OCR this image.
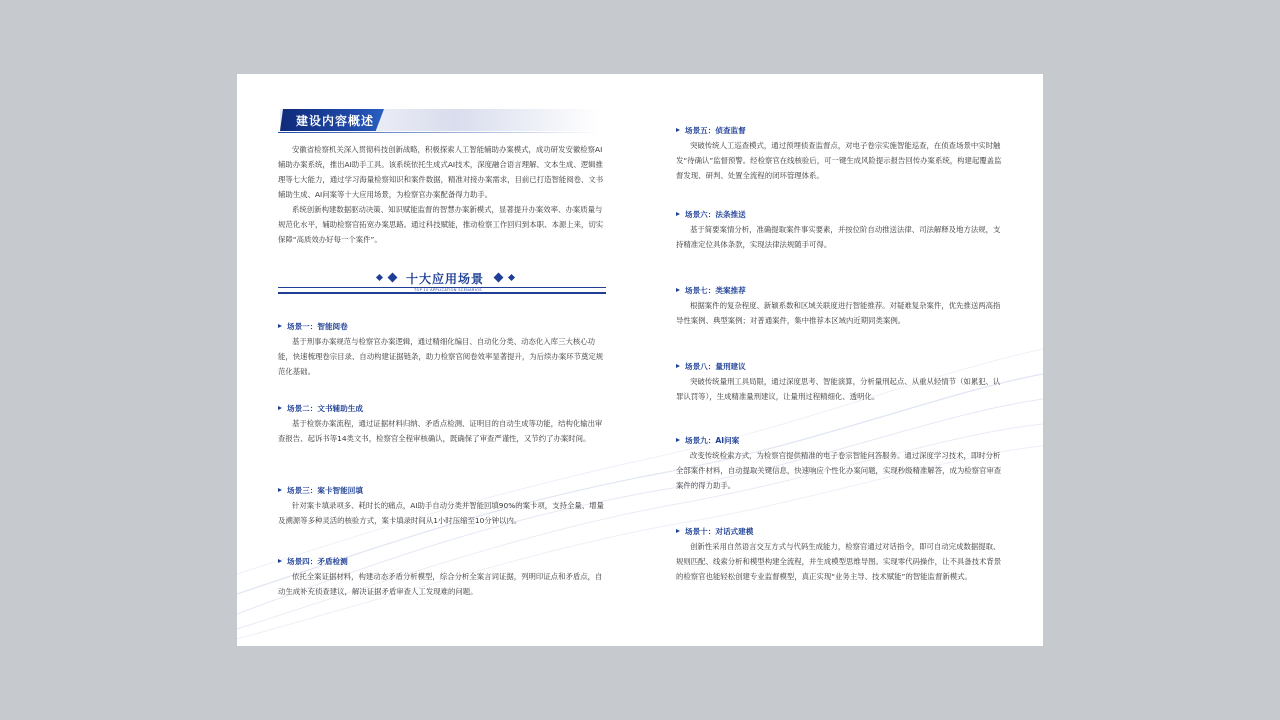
建设内容概述

安徽省检察机关深入贯彻科技创新战略，积极探索人工智能辅助办案模式，成功研发安徽检察AI辅助办案系统，推出AI助手工具。该系统依托生成式AI技术，深度融合语言理解、文本生成、逻辑推理等七大能力，通过学习海量检察知识和案件数据，精准对接办案需求，目前已打造智能阅卷、文书辅助生成、AI问案等十大应用场景，为检察官办案配备得力助手。

系统创新构建数据驱动决策、知识赋能监督的智慧办案新模式，显著提升办案效率、办案质量与规范化水平，辅助检察官拓宽办案思路。通过科技赋能，推动检察工作回归到本职、本源上来，切实保障“高质效办好每一个案件”。

十大应用场景
TOP 10 APPLICATION SCENARIOS
场景一：智能阅卷

基于刑事办案规范与检察官办案逻辑，通过精细化编目、自动化分类、动态化入库三大核心功能，快速梳理卷宗目录、自动构建证据链条，助力检察官阅卷效率显著提升，为后续办案环节奠定规范化基础。

场景二：文书辅助生成

基于检察办案流程，通过证据材料归纳、矛盾点检测、证明目的自动生成等功能，结构化输出审查报告、起诉书等14类文书，检察官全程审核确认，既确保了审查严谨性，又节约了办案时间。

场景三：案卡智能回填

针对案卡填录项多、耗时长的痛点，AI助手自动分类并智能回填90%的案卡项，支持全量、增量及溯源等多种灵活的核验方式，案卡填录时间从1小时压缩至10分钟以内。

场景四：矛盾检测

依托全案证据材料，构建动态矛盾分析模型，综合分析全案言词证据，列明印证点和矛盾点，自动生成补充侦查建议，解决证据矛盾审查人工发现难的问题。

场景五：侦查监督

突破传统人工巡查模式，通过预埋侦查监督点，对电子卷宗实施智能巡查，在侦查场景中实时触发“待确认”监督预警。经检察官在线核验后，可一键生成风险提示报告回传办案系统，构建起覆盖监督发现、研判、处置全流程的闭环管理体系。

场景六：法条推送

基于简要案情分析，准确提取案件事实要素，并按位阶自动推送法律、司法解释及地方法规，支持精准定位具体条款，实现法律法规随手可得。

场景七：类案推荐

根据案件的复杂程度、新颖系数和区域关联度进行智能推荐。对疑难复杂案件，优先推送两高指导性案例、典型案例；对普通案件，集中推荐本区域内近期同类案例。

场景八：量刑建议

突破传统量刑工具局限，通过深度思考、智能演算，分析量刑起点、从重从轻情节（如累犯、认罪认罚等），生成精准量刑建议，让量刑过程精细化、透明化。

场景九：AI问案

改变传统检索方式，为检察官提供精准的电子卷宗智能问答服务。通过深度学习技术，即时分析全部案件材料，自动提取关键信息，快速响应个性化办案问题，实现秒级精准解答，成为检察官审查案件的得力助手。

场景十：对话式建模

创新性采用自然语言交互方式与代码生成能力，检察官通过对话指令，即可自动完成数据提取、规则匹配、线索分析和模型构建全流程，并生成模型思维导图。实现零代码操作，让不具备技术背景的检察官也能轻松创建专业监督模型，真正实现“业务主导、技术赋能”的智能监督新模式。
